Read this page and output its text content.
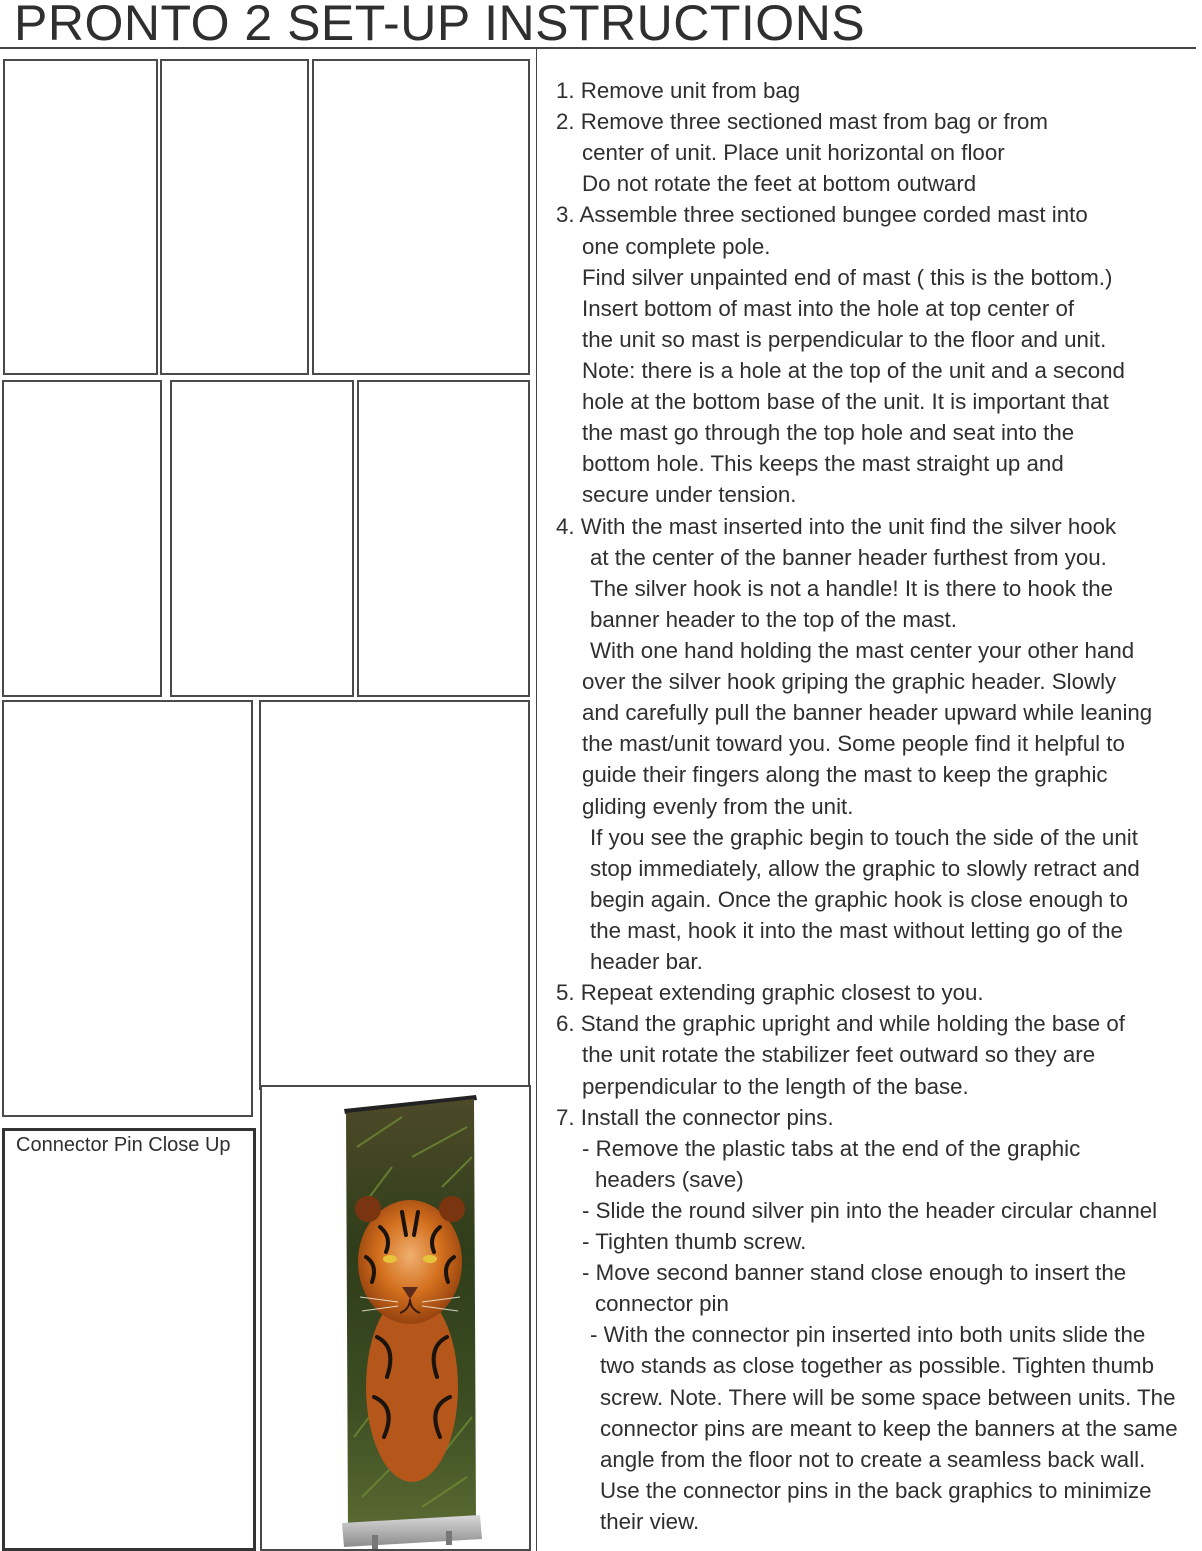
PRONTO 2 SET-UP INSTRUCTIONS
Connector Pin Close Up
1. Remove unit from bag
2. Remove three sectioned mast from bag or from
center of unit. Place unit horizontal on floor
Do not rotate the feet at bottom outward
3. Assemble three sectioned bungee corded mast into
one complete pole.
Find silver unpainted end of mast ( this is the bottom.)
Insert bottom of mast into the hole at top center of
the unit so mast is perpendicular to the floor and unit.
Note: there is a hole at the top of the unit and a second
hole at the bottom base of the unit. It is important that
the mast go through the top hole and seat into the
bottom hole. This keeps the mast straight up and
secure under tension.
4. With the mast inserted into the unit find the silver hook
at the center of the banner header furthest from you.
The silver hook is not a handle! It is there to hook the
banner header to the top of the mast.
With one hand holding the mast center your other hand
over the silver hook griping the graphic header. Slowly
and carefully pull the banner header upward while leaning
the mast/unit toward you. Some people find it helpful to
guide their fingers along the mast to keep the graphic
gliding evenly from the unit.
If you see the graphic begin to touch the side of the unit
stop immediately, allow the graphic to slowly retract and
begin again. Once the graphic hook is close enough to
the mast, hook it into the mast without letting go of the
header bar.
5. Repeat extending graphic closest to you.
6. Stand the graphic upright and while holding the base of
the unit rotate the stabilizer feet outward so they are
perpendicular to the length of the base.
7. Install the connector pins.
- Remove the plastic tabs at the end of the graphic
headers (save)
- Slide the round silver pin into the header circular channel
- Tighten thumb screw.
- Move second banner stand close enough to insert the
connector pin
- With the connector pin inserted into both units slide the
two stands as close together as possible. Tighten thumb
screw. Note. There will be some space between units. The
connector pins are meant to keep the banners at the same
angle from the floor not to create a seamless back wall.
Use the connector pins in the back graphics to minimize
their view.
